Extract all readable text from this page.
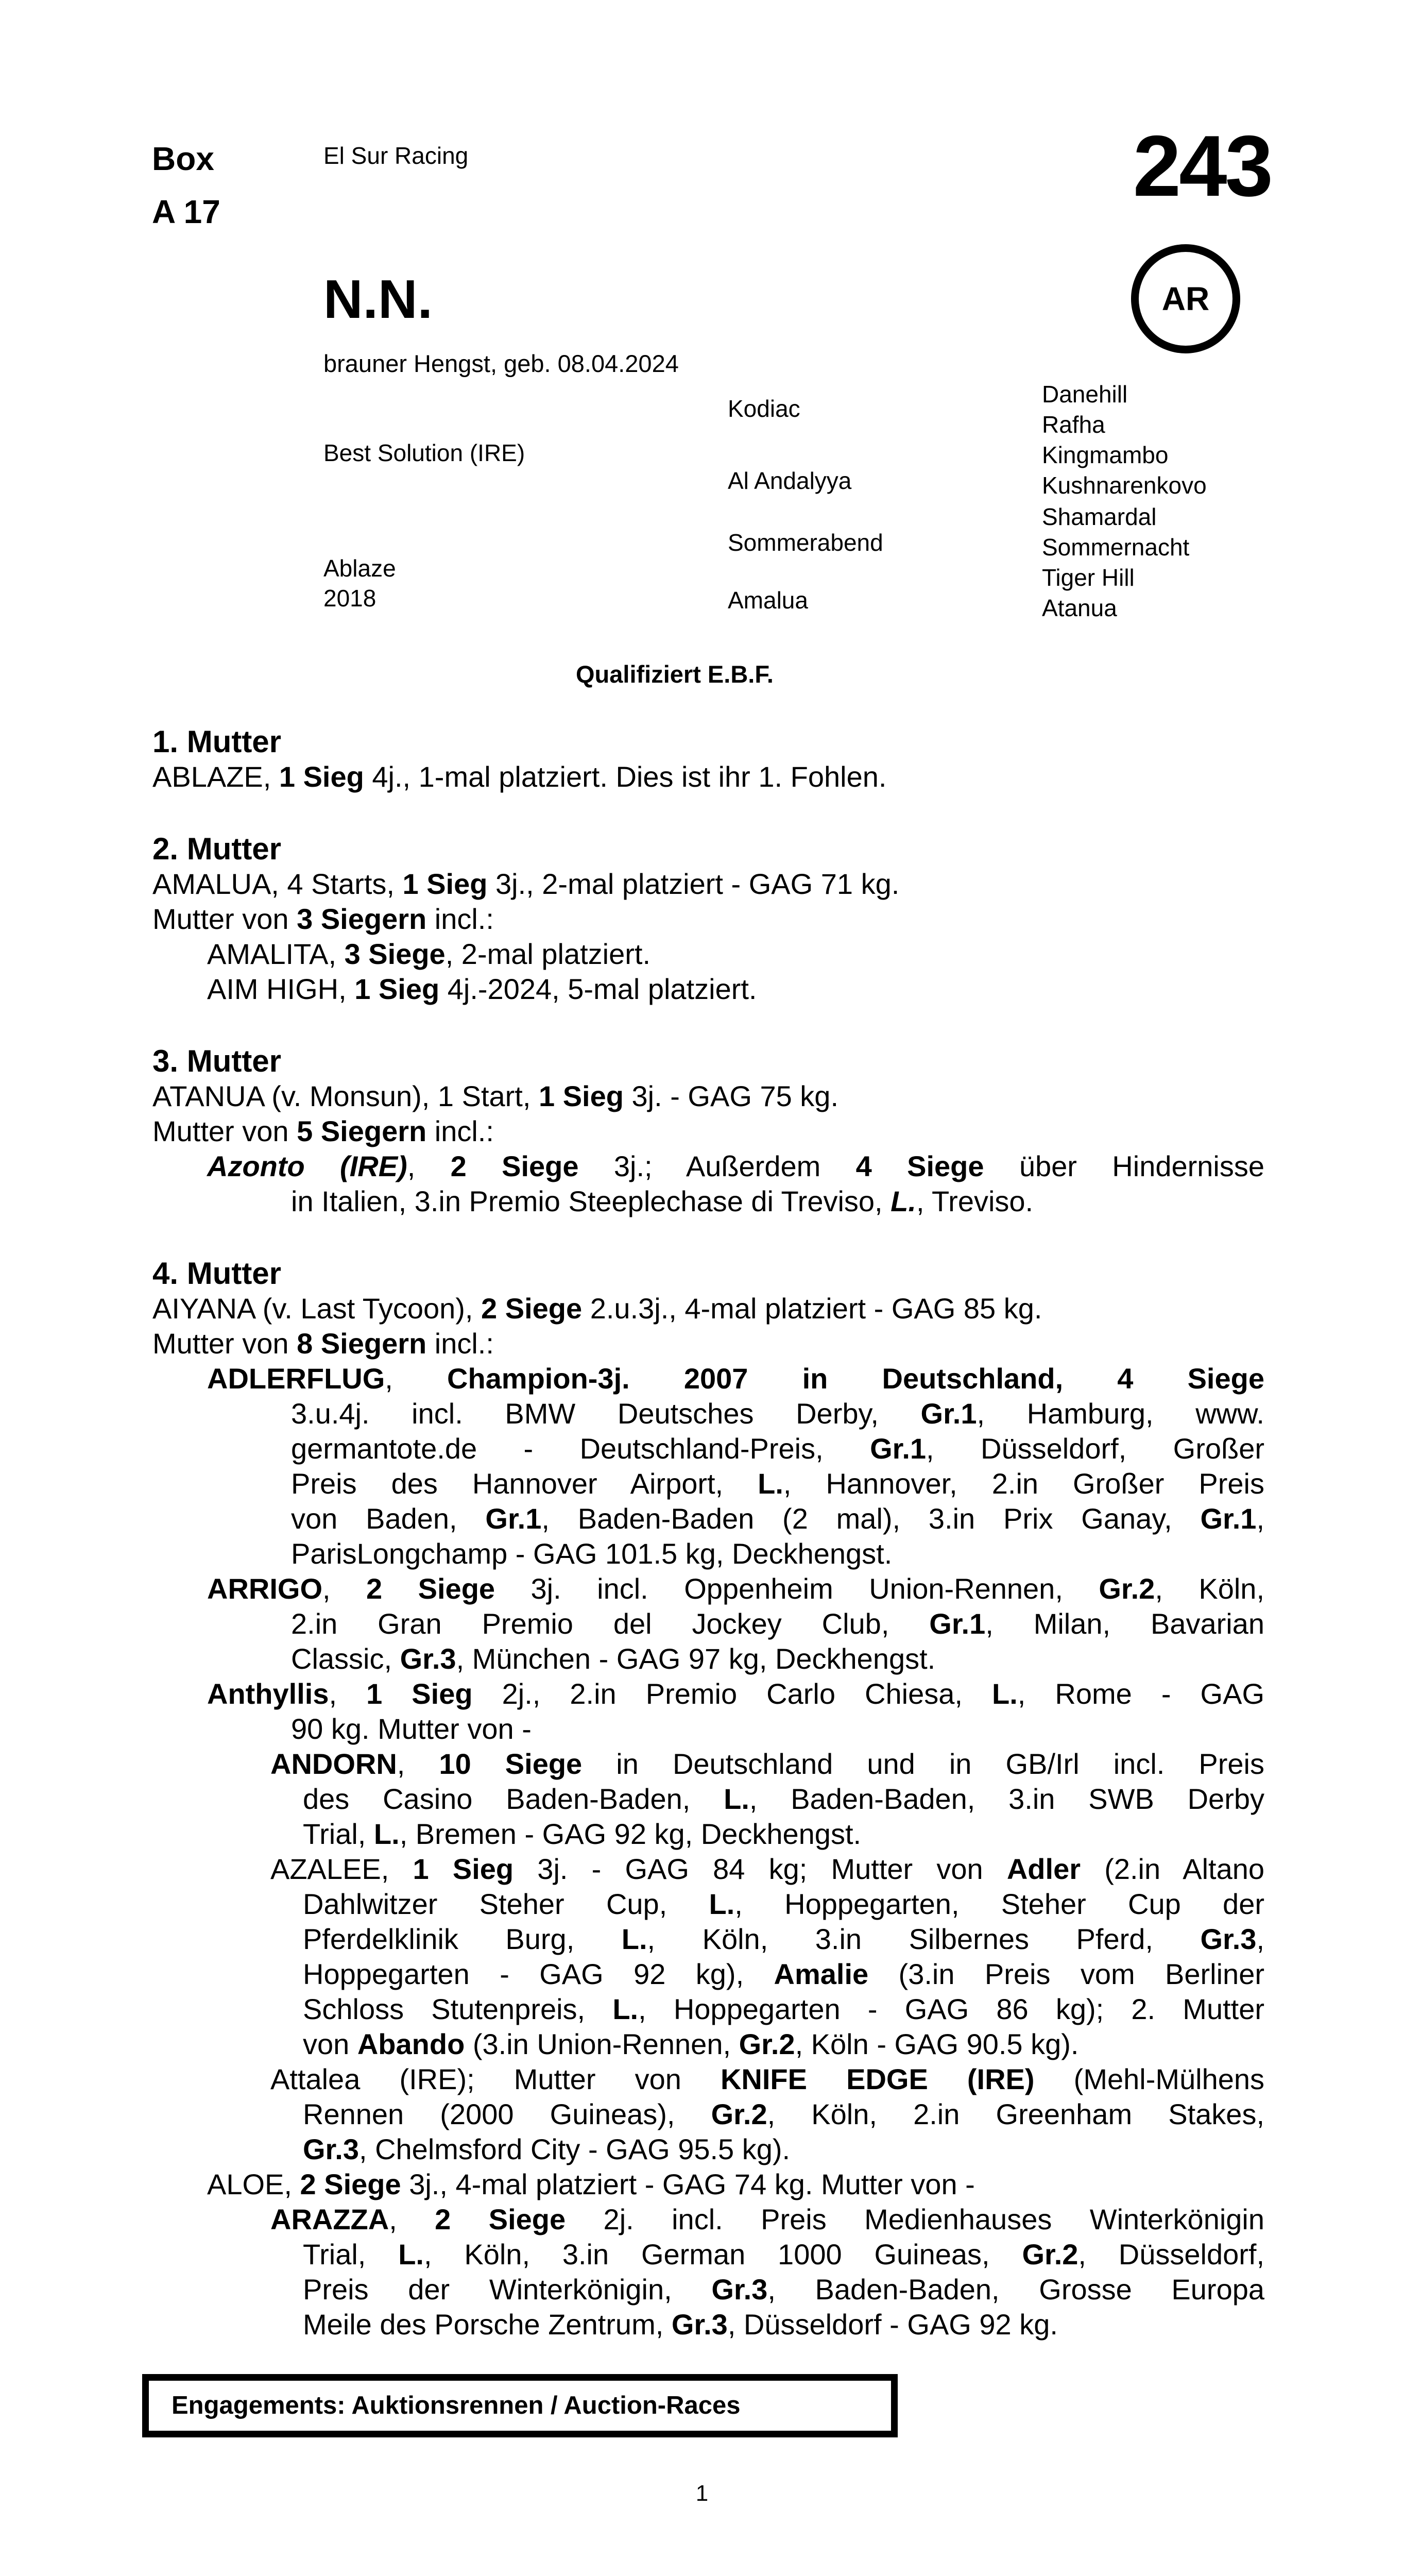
Box
A 17
El Sur Racing	243
AR
N.N.
brauner Hengst, geb. 08.04.2024
Best Solution (IRE)
Ablaze
2018
Kodiac
Al Andalyya
Sommerabend
Amalua
Danehill
Rafha
Kingmambo
Kushnarenkovo
Shamardal
Sommernacht
Tiger Hill
Atanua
Qualifiziert E.B.F.
1. Mutter
ABLAZE, 1 Sieg 4j., 1-mal platziert. Dies ist ihr 1. Fohlen.
2. Mutter
AMALUA, 4 Starts, 1 Sieg 3j., 2-mal platziert - GAG 71 kg.
Mutter von 3 Siegern incl.:
AMALITA, 3 Siege, 2-mal platziert.
AIM HIGH, 1 Sieg 4j.-2024, 5-mal platziert.
3. Mutter
ATANUA (v. Monsun), 1 Start, 1 Sieg 3j. - GAG 75 kg.
Mutter von 5 Siegern incl.:
Azonto (IRE), 2 Siege 3j.; Außerdem 4 Siege über Hindernisse
in Italien, 3.in Premio Steeplechase di Treviso, L., Treviso.
4. Mutter
AIYANA (v. Last Tycoon), 2 Siege 2.u.3j., 4-mal platziert - GAG 85 kg.
Mutter von 8 Siegern incl.:
ADLERFLUG, Champion-3j. 2007 in Deutschland, 4 Siege
3.u.4j. incl. BMW Deutsches Derby, Gr.1, Hamburg, www.
germantote.de - Deutschland-Preis, Gr.1, Düsseldorf, Großer
Preis des Hannover Airport, L., Hannover, 2.in Großer Preis
von Baden, Gr.1, Baden-Baden (2 mal), 3.in Prix Ganay, Gr.1,
ParisLongchamp - GAG 101.5 kg, Deckhengst.
ARRIGO, 2 Siege 3j. incl. Oppenheim Union-Rennen, Gr.2, Köln,
2.in Gran Premio del Jockey Club, Gr.1, Milan, Bavarian
Classic, Gr.3, München - GAG 97 kg, Deckhengst.
Anthyllis, 1 Sieg 2j., 2.in Premio Carlo Chiesa, L., Rome - GAG
90 kg. Mutter von -
ANDORN, 10 Siege in Deutschland und in GB/Irl incl. Preis
des Casino Baden-Baden, L., Baden-Baden, 3.in SWB Derby
Trial, L., Bremen - GAG 92 kg, Deckhengst.
AZALEE, 1 Sieg 3j. - GAG 84 kg; Mutter von Adler (2.in Altano
Dahlwitzer Steher Cup, L., Hoppegarten, Steher Cup der
Pferdelklinik Burg, L., Köln, 3.in Silbernes Pferd, Gr.3,
Hoppegarten - GAG 92 kg), Amalie (3.in Preis vom Berliner
Schloss Stutenpreis, L., Hoppegarten - GAG 86 kg); 2. Mutter
von Abando (3.in Union-Rennen, Gr.2, Köln - GAG 90.5 kg).
Attalea (IRE); Mutter von KNIFE EDGE (IRE) (Mehl-Mülhens
Rennen (2000 Guineas), Gr.2, Köln, 2.in Greenham Stakes,
Gr.3, Chelmsford City - GAG 95.5 kg).
ALOE, 2 Siege 3j., 4-mal platziert - GAG 74 kg. Mutter von -
ARAZZA, 2 Siege 2j. incl. Preis Medienhauses Winterkönigin
Trial, L., Köln, 3.in German 1000 Guineas, Gr.2, Düsseldorf,
Preis der Winterkönigin, Gr.3, Baden-Baden, Grosse Europa
Meile des Porsche Zentrum, Gr.3, Düsseldorf - GAG 92 kg.
Engagements: Auktionsrennen / Auction-Races
1
